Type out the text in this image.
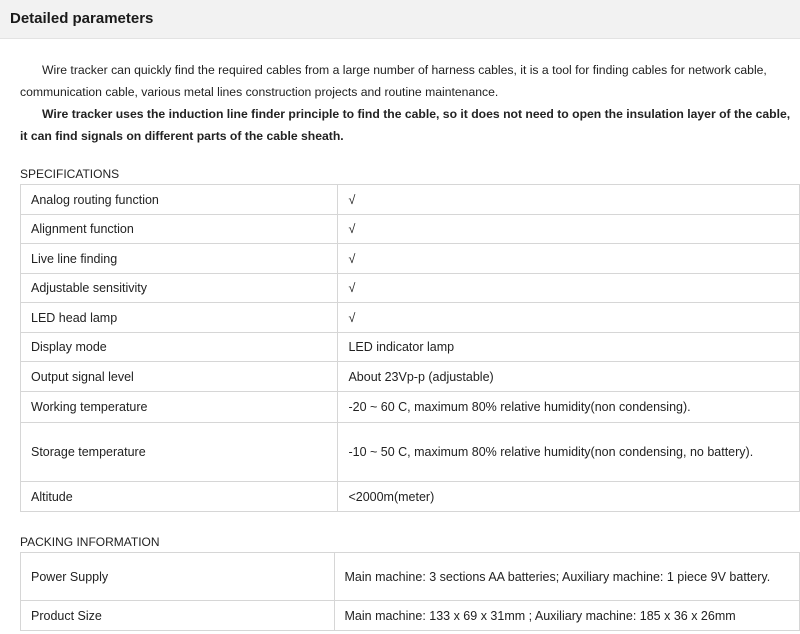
Detailed parameters

Wire tracker can quickly find the required cables from a large number of harness cables, it is a tool for finding cables for network cable, communication cable, various metal lines construction projects and routine maintenance.

Wire tracker uses the induction line finder principle to find the cable, so it does not need to open the insulation layer of the cable, it can find signals on different parts of the cable sheath.

SPECIFICATIONS
Analog routing function	√
Alignment function	√
Live line finding	√
Adjustable sensitivity	√
LED head lamp	√
Display mode	LED indicator lamp
Output signal level	About 23Vp-p (adjustable)
Working temperature	-20 ~ 60 C, maximum 80% relative humidity(non condensing).
Storage temperature	-10 ~ 50 C, maximum 80% relative humidity(non condensing, no battery).
Altitude	<2000m(meter)
PACKING INFORMATION
Power Supply	Main machine: 3 sections AA batteries; Auxiliary machine: 1 piece 9V battery.
Product Size	Main machine: 133 x 69 x 31mm ; Auxiliary machine: 185 x 36 x 26mm
